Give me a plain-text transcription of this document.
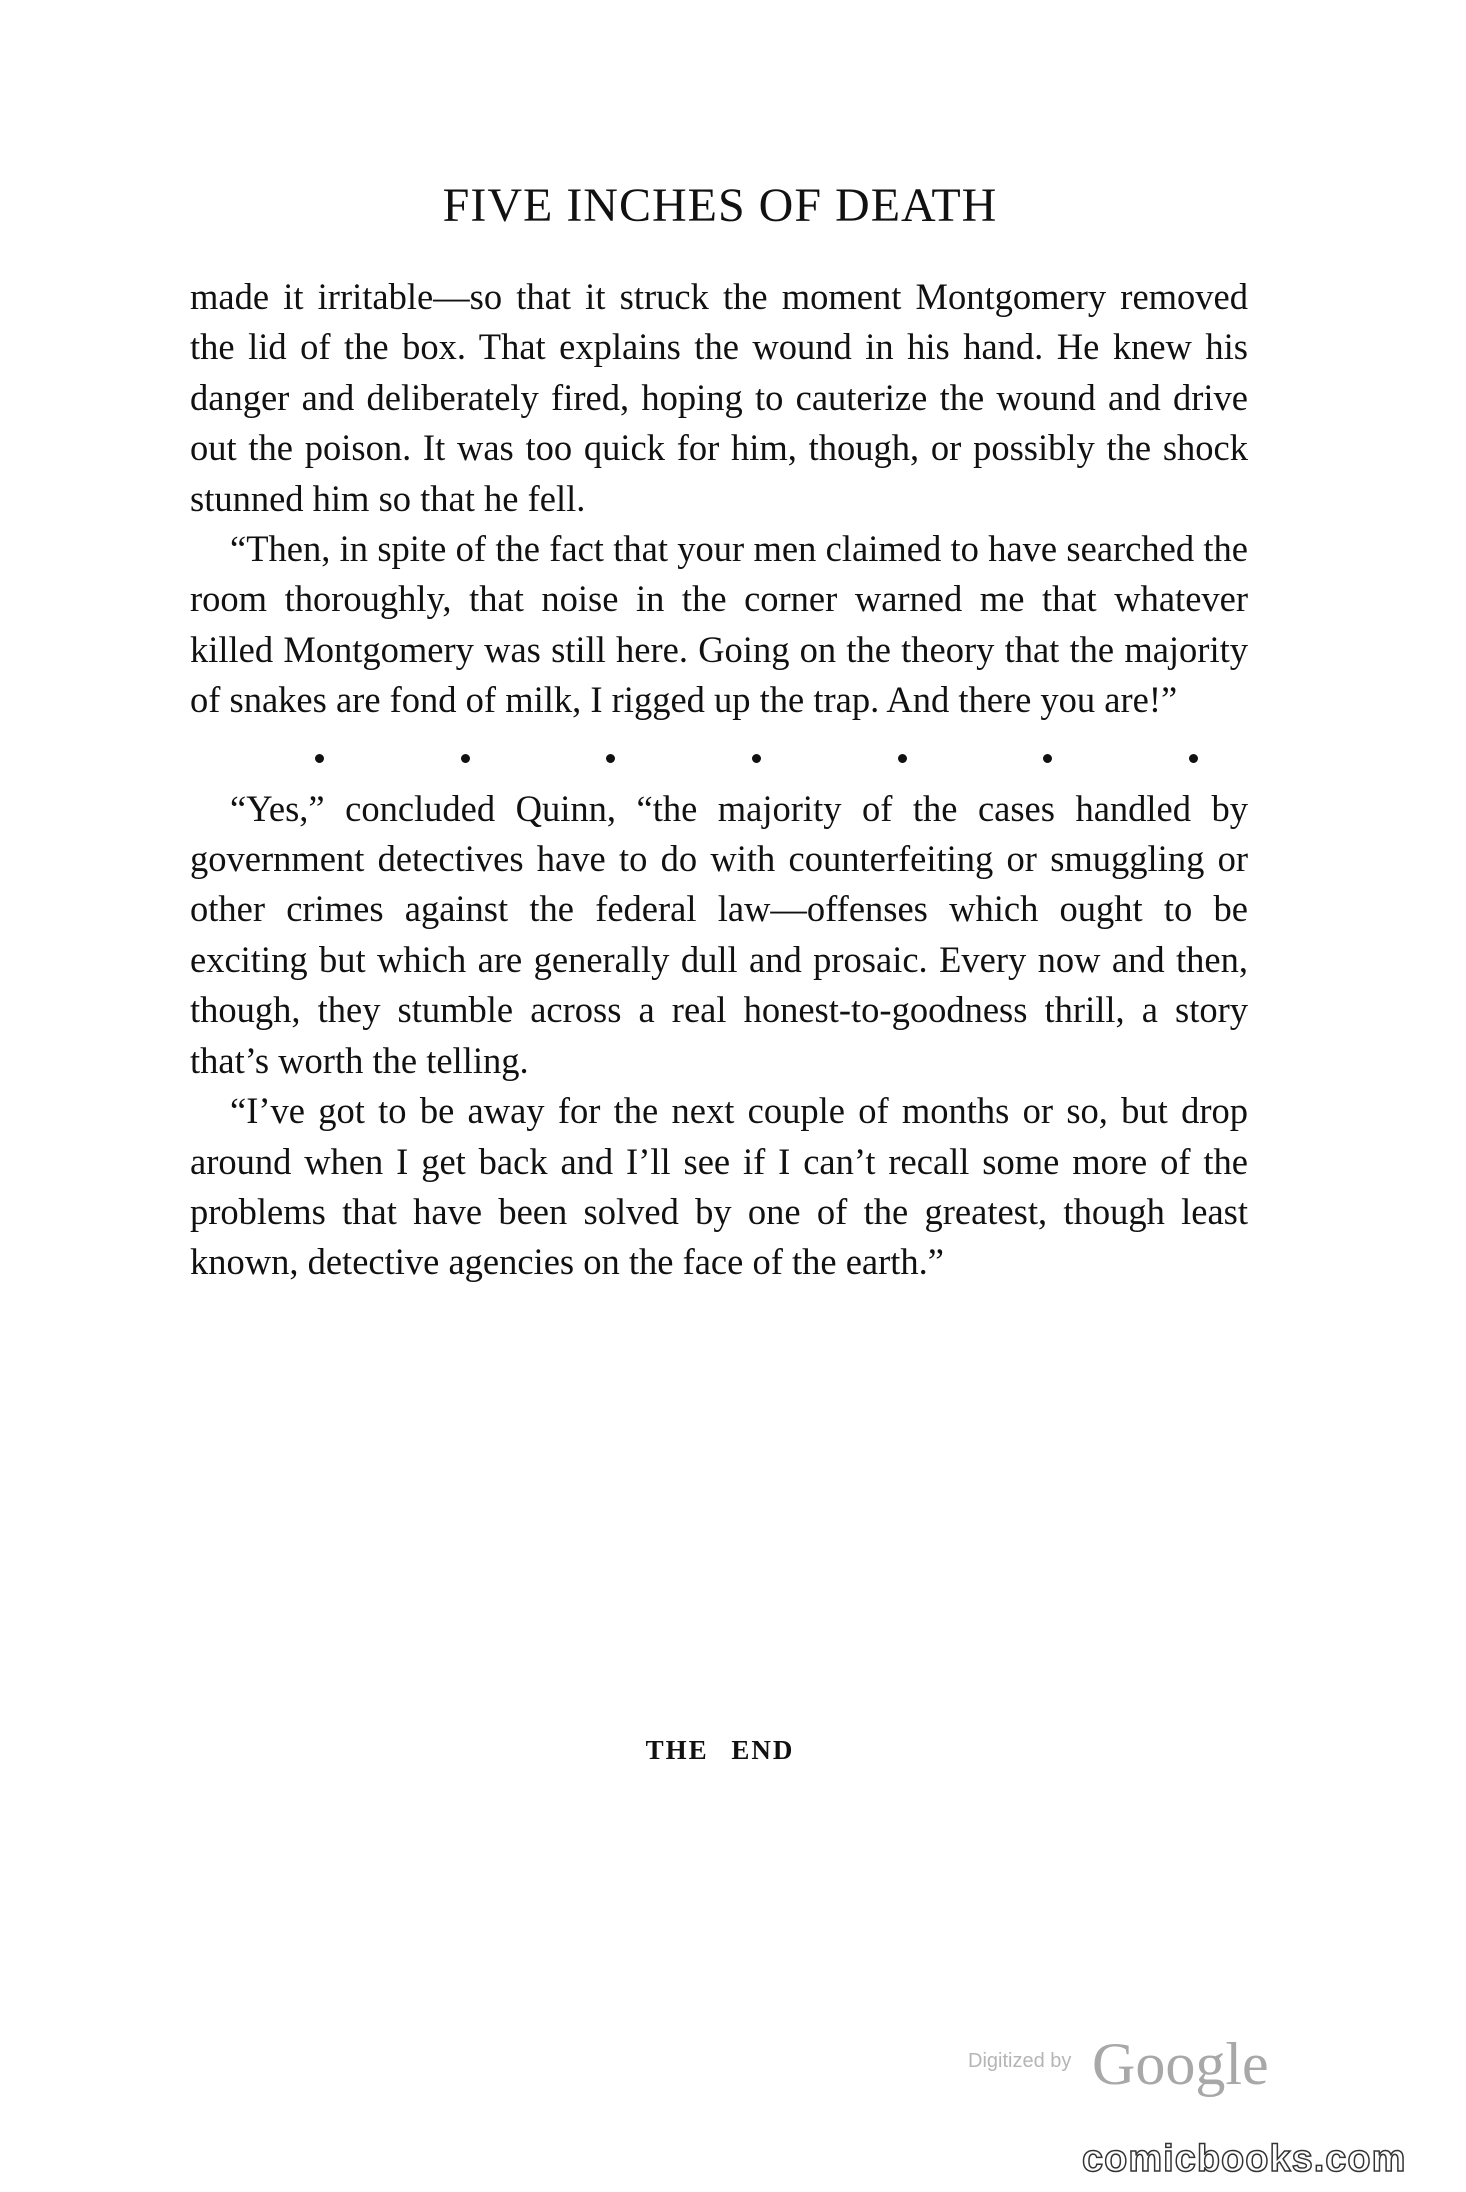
FIVE INCHES OF DEATH

made it irritable—so that it struck the moment Montgomery removed the lid of the box. That explains the wound in his hand. He knew his danger and deliberately fired, hoping to cauterize the wound and drive out the poison. It was too quick for him, though, or possibly the shock stunned him so that he fell.

“Then, in spite of the fact that your men claimed to have searched the room thoroughly, that noise in the corner warned me that whatever killed Montgomery was still here. Going on the theory that the majority of snakes are fond of milk, I rigged up the trap. And there you are!”

“Yes,” concluded Quinn, “the majority of the cases handled by government detectives have to do with counterfeiting or smuggling or other crimes against the federal law—offenses which ought to be exciting but which are generally dull and prosaic. Every now and then, though, they stumble across a real honest-to-goodness thrill, a story that’s worth the telling.

“I’ve got to be away for the next couple of months or so, but drop around when I get back and I’ll see if I can’t recall some more of the problems that have been solved by one of the greatest, though least known, detective agencies on the face of the earth.”

THE END
Digitized by Google
comicbooks.com
